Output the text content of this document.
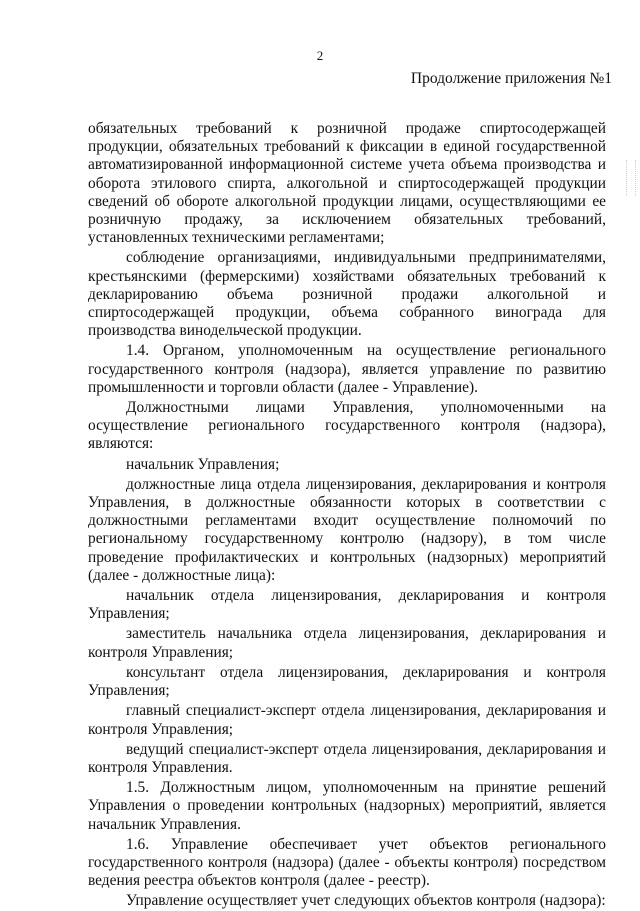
2
Продолжение приложения №1

обязательных требований к розничной продаже спиртосодержащей продукции, обязательных требований к фиксации в единой государственной автоматизированной информационной системе учета объема производства и оборота этилового спирта, алкогольной и спиртосодержащей продукции сведений об обороте алкогольной продукции лицами, осуществляющими ее розничную продажу, за исключением обязательных требований, установленных техническими регламентами;

соблюдение организациями, индивидуальными предпринимателями, крестьянскими (фермерскими) хозяйствами обязательных требований к декларированию объема розничной продажи алкогольной и спиртосодержащей продукции, объема собранного винограда для производства винодельческой продукции.

1.4. Органом, уполномоченным на осуществление регионального государственного контроля (надзора), является управление по развитию промышленности и торговли области (далее - Управление).

Должностными лицами Управления, уполномоченными на осуществление регионального государственного контроля (надзора), являются:

начальник Управления;

должностные лица отдела лицензирования, декларирования и контроля Управления, в должностные обязанности которых в соответствии с должностными регламентами входит осуществление полномочий по региональному государственному контролю (надзору), в том числе проведение профилактических и контрольных (надзорных) мероприятий (далее - должностные лица):

начальник отдела лицензирования, декларирования и контроля Управления;

заместитель начальника отдела лицензирования, декларирования и контроля Управления;

консультант отдела лицензирования, декларирования и контроля Управления;

главный специалист-эксперт отдела лицензирования, декларирования и контроля Управления;

ведущий специалист-эксперт отдела лицензирования, декларирования и контроля Управления.

1.5. Должностным лицом, уполномоченным на принятие решений Управления о проведении контрольных (надзорных) мероприятий, является начальник Управления.

1.6. Управление обеспечивает учет объектов регионального государственного контроля (надзора) (далее - объекты контроля) посредством ведения реестра объектов контроля (далее - реестр).

Управление осуществляет учет следующих объектов контроля (надзора):
